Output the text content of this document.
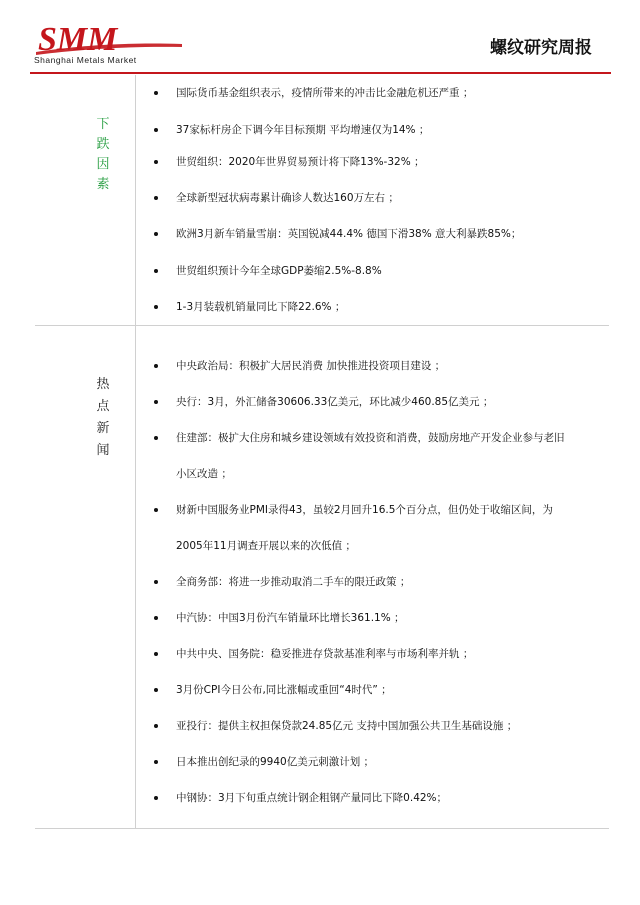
SMM
Shanghai Metals Market
螺纹研究周报
下
跌
因
素
国际货币基金组织表示，疫情所带来的冲击比金融危机还严重 ；
37家标杆房企下调今年目标预期 平均增速仅为14% ；
世贸组织：2020年世界贸易预计将下降13%-32% ；
全球新型冠状病毒累计确诊人数达160万左右 ；
欧洲3月新车销量雪崩：英国锐减44.4% 德国下滑38% 意大利暴跌85%；
世贸组织预计今年全球GDP萎缩2.5%-8.8%
1-3月装载机销量同比下降22.6% ；
热
点
新
闻
中央政治局：积极扩大居民消费 加快推进投资项目建设 ；
央行：3月，外汇储备30606.33亿美元，环比减少460.85亿美元 ；
住建部：极扩大住房和城乡建设领域有效投资和消费，鼓励房地产开发企业参与老旧
小区改造 ；
财新中国服务业PMI录得43，虽较2月回升16.5个百分点，但仍处于收缩区间，为
2005年11月调查开展以来的次低值 ；
全商务部：将进一步推动取消二手车的限迁政策 ；
中汽协：中国3月份汽车销量环比增长361.1% ；
中共中央、国务院：稳妥推进存贷款基准利率与市场利率并轨 ；
3月份CPI今日公布,同比涨幅或重回“4时代” ；
亚投行：提供主权担保贷款24.85亿元 支持中国加强公共卫生基础设施 ；
日本推出创纪录的9940亿美元刺激计划 ；
中钢协：3月下旬重点统计钢企粗钢产量同比下降0.42%；
